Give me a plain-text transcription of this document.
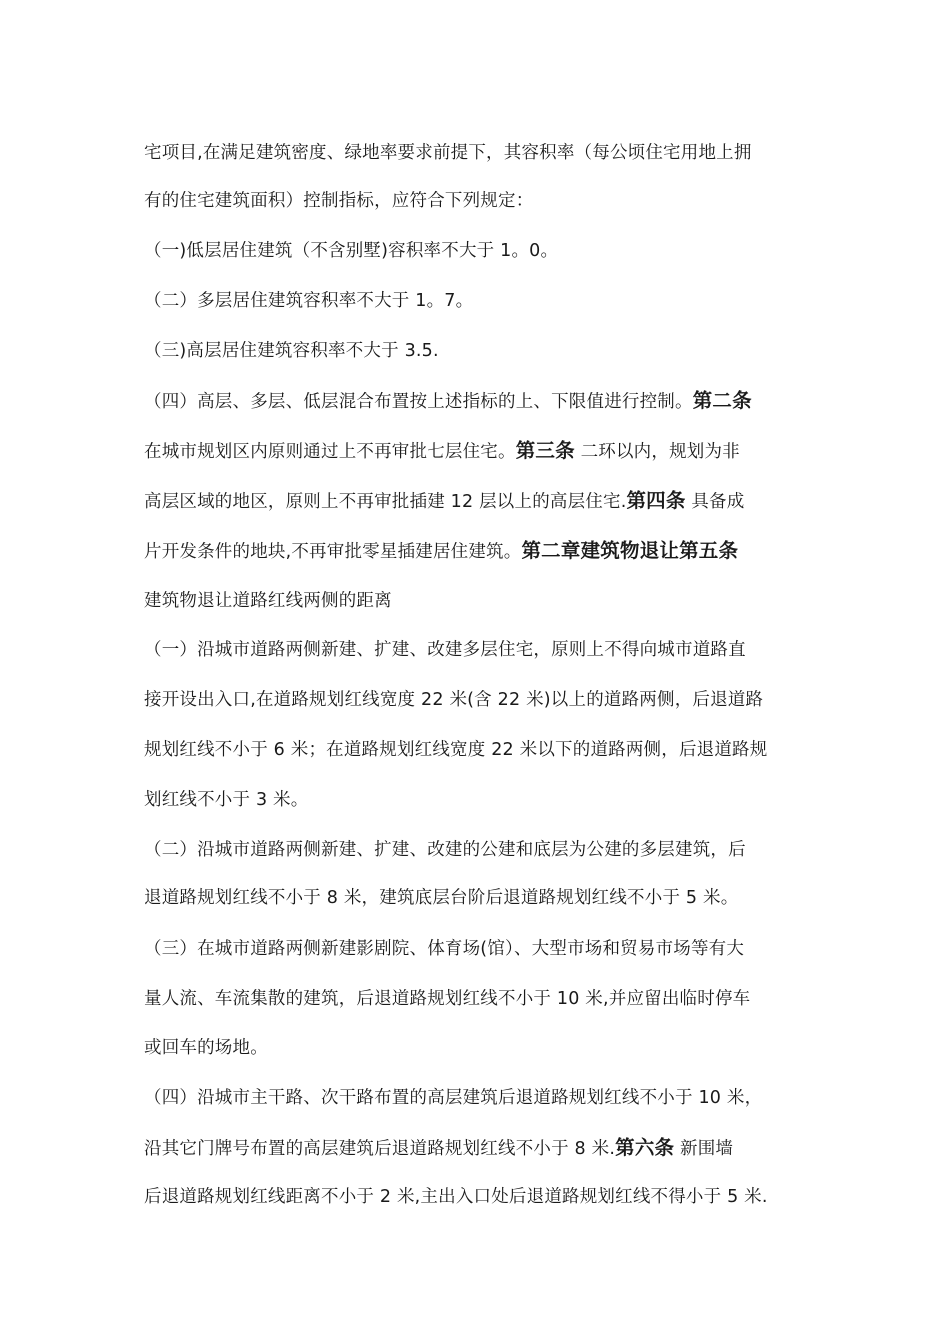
宅项目,在满足建筑密度、绿地率要求前提下，其容积率（每公顷住宅用地上拥
有的住宅建筑面积）控制指标，应符合下列规定：
（一)低层居住建筑（不含别墅)容积率不大于 1。0。
（二）多层居住建筑容积率不大于 1。7。
（三)高层居住建筑容积率不大于 3.5.
（四）高层、多层、低层混合布置按上述指标的上、下限值进行控制。第二条
在城市规划区内原则通过上不再审批七层住宅。第三条 二环以内，规划为非
高层区域的地区，原则上不再审批插建 12 层以上的高层住宅.第四条 具备成
片开发条件的地块,不再审批零星插建居住建筑。第二章建筑物退让第五条
建筑物退让道路红线两侧的距离
（一）沿城市道路两侧新建、扩建、改建多层住宅，原则上不得向城市道路直
接开设出入口,在道路规划红线宽度 22 米(含 22 米)以上的道路两侧，后退道路
规划红线不小于 6 米；在道路规划红线宽度 22 米以下的道路两侧，后退道路规
划红线不小于 3 米。
（二）沿城市道路两侧新建、扩建、改建的公建和底层为公建的多层建筑，后
退道路规划红线不小于 8 米，建筑底层台阶后退道路规划红线不小于 5 米。
（三）在城市道路两侧新建影剧院、体育场(馆）、大型市场和贸易市场等有大
量人流、车流集散的建筑，后退道路规划红线不小于 10 米,并应留出临时停车
或回车的场地。
（四）沿城市主干路、次干路布置的高层建筑后退道路规划红线不小于 10 米，
沿其它门牌号布置的高层建筑后退道路规划红线不小于 8 米.第六条 新围墙
后退道路规划红线距离不小于 2 米,主出入口处后退道路规划红线不得小于 5 米.
